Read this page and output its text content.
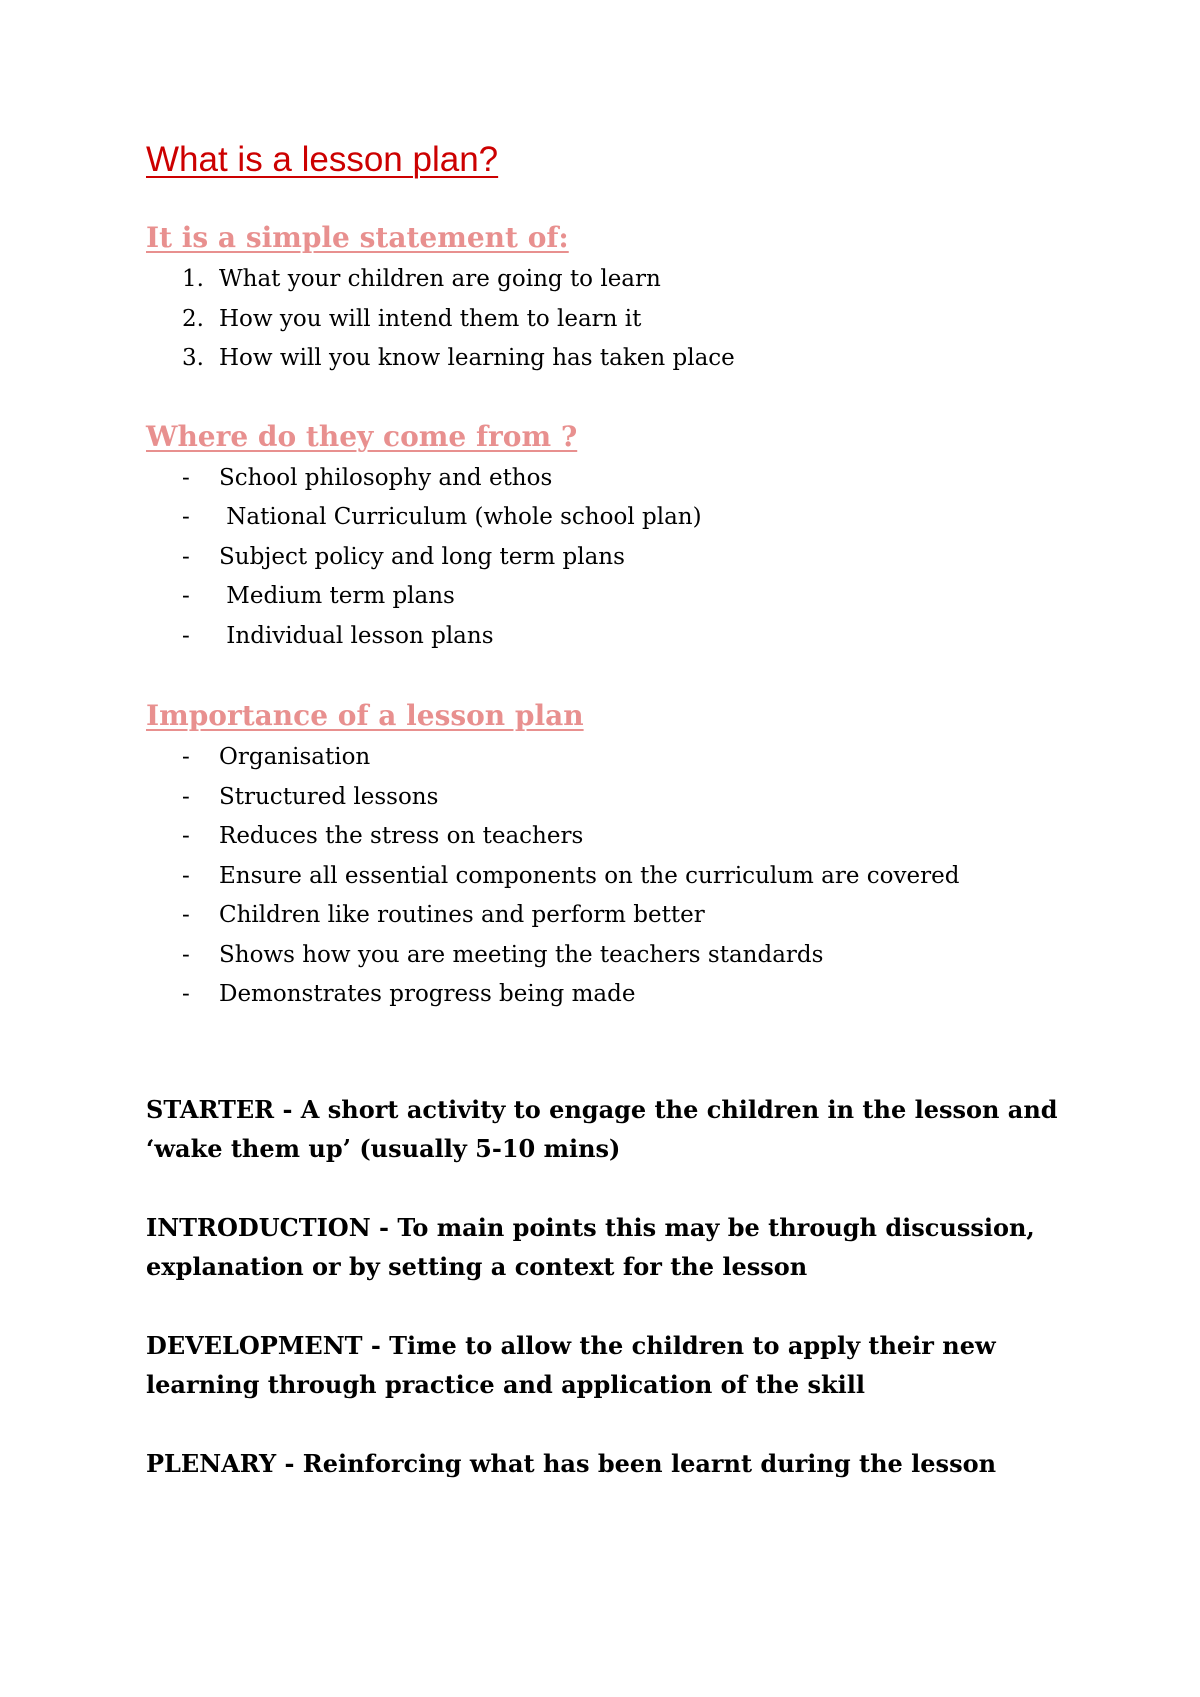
What is a lesson plan?
It is a simple statement of:
1. What your children are going to learn
2. How you will intend them to learn it
3. How will you know learning has taken place
Where do they come from ?
- School philosophy and ethos
- National Curriculum (whole school plan)
- Subject policy and long term plans
- Medium term plans
- Individual lesson plans
Importance of a lesson plan
- Organisation
- Structured lessons
- Reduces the stress on teachers
- Ensure all essential components on the curriculum are covered
- Children like routines and perform better
- Shows how you are meeting the teachers standards
- Demonstrates progress being made

STARTER - A short activity to engage the children in the lesson and ‘wake them up’ (usually 5-10 mins)

INTRODUCTION - To main points this may be through discussion, explanation or by setting a context for the lesson

DEVELOPMENT - Time to allow the children to apply their new learning through practice and application of the skill

PLENARY - Reinforcing what has been learnt during the lesson
